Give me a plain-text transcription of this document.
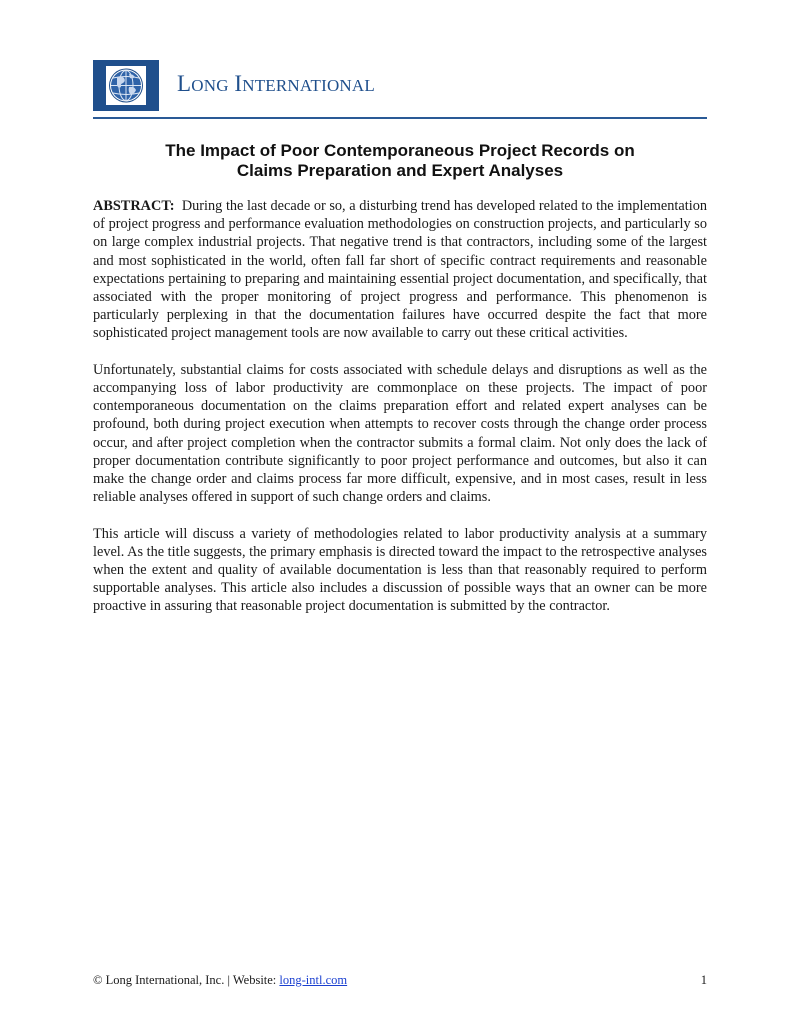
LONG INTERNATIONAL
The Impact of Poor Contemporaneous Project Records on
Claims Preparation and Expert Analyses

ABSTRACT: During the last decade or so, a disturbing trend has developed related to the implementation of project progress and performance evaluation methodologies on construction projects, and particularly so on large complex industrial projects. That negative trend is that contractors, including some of the largest and most sophisticated in the world, often fall far short of specific contract requirements and reasonable expectations pertaining to preparing and maintaining essential project documentation, and specifically, that associated with the proper monitoring of project progress and performance. This phenomenon is particularly perplexing in that the documentation failures have occurred despite the fact that more sophisticated project management tools are now available to carry out these critical activities.

Unfortunately, substantial claims for costs associated with schedule delays and disruptions as well as the accompanying loss of labor productivity are commonplace on these projects. The impact of poor contemporaneous documentation on the claims preparation effort and related expert analyses can be profound, both during project execution when attempts to recover costs through the change order process occur, and after project completion when the contractor submits a formal claim. Not only does the lack of proper documentation contribute significantly to poor project performance and outcomes, but also it can make the change order and claims process far more difficult, expensive, and in most cases, result in less reliable analyses offered in support of such change orders and claims.

This article will discuss a variety of methodologies related to labor productivity analysis at a summary level. As the title suggests, the primary emphasis is directed toward the impact to the retrospective analyses when the extent and quality of available documentation is less than that reasonably required to perform supportable analyses. This article also includes a discussion of possible ways that an owner can be more proactive in assuring that reasonable project documentation is submitted by the contractor.

© Long International, Inc. | Website: long-intl.com	1
